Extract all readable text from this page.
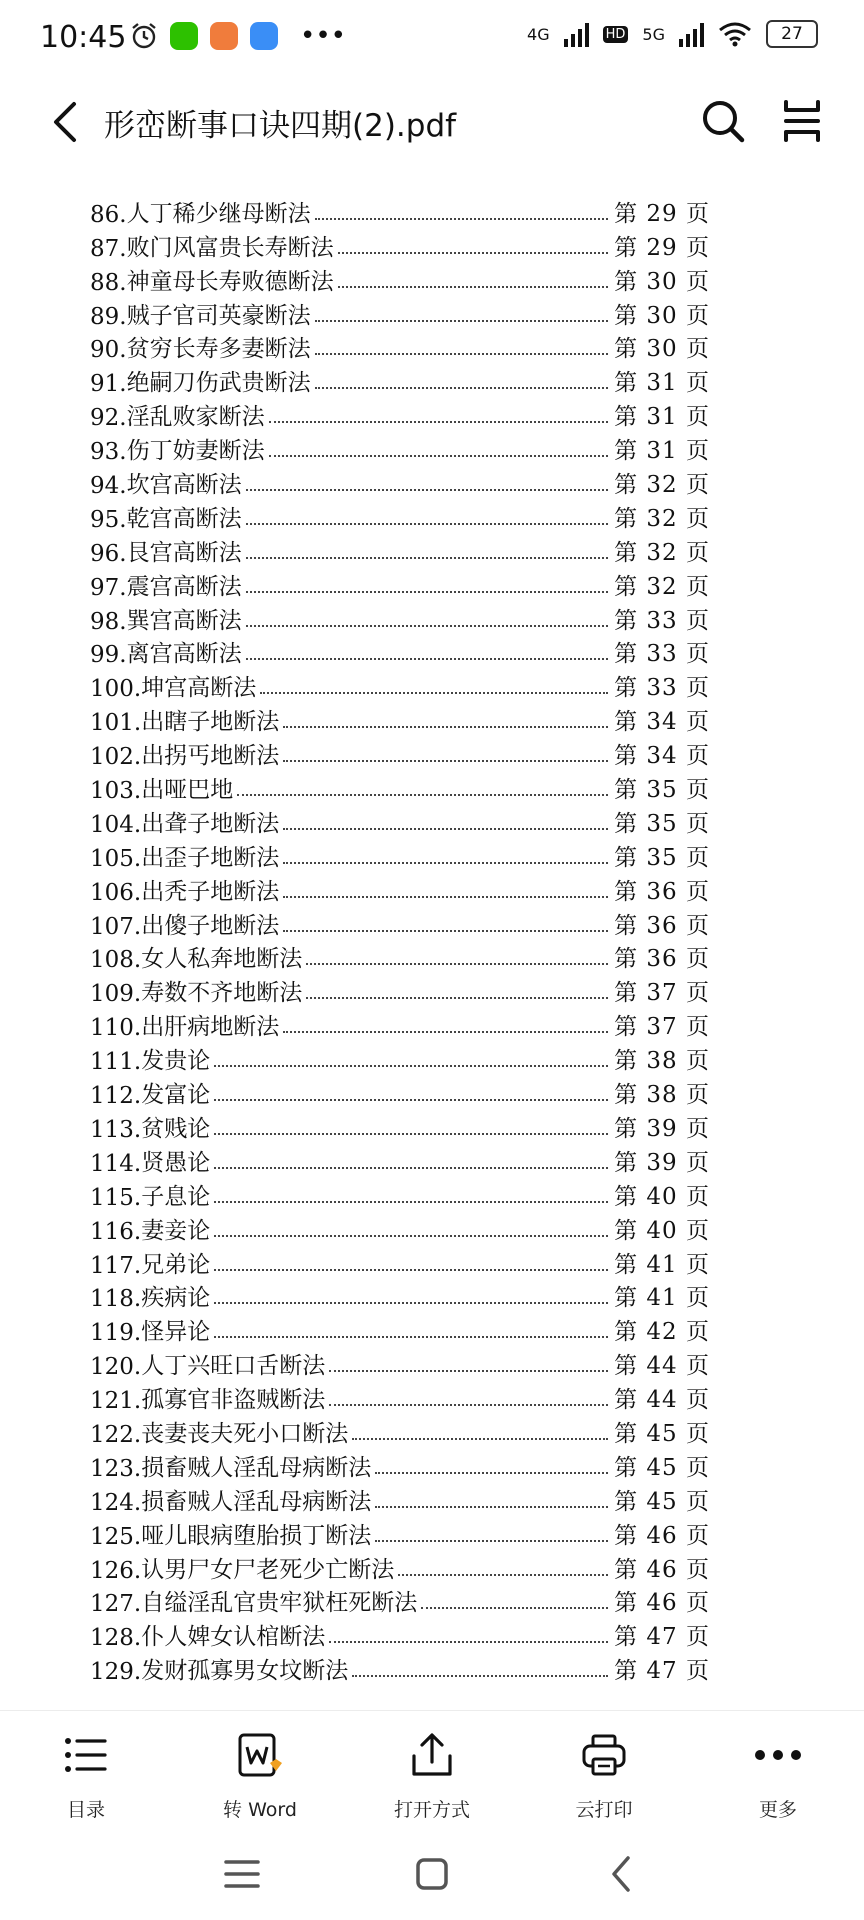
10:45	•••	4G	HD 5G	27
形峦断事口诀四期(2).pdf
86. 人丁稀少继母断法	第 29 页
87. 败门风富贵长寿断法	第 29 页
88. 神童母长寿败德断法	第 30 页
89. 贼子官司英豪断法	第 30 页
90. 贫穷长寿多妻断法	第 30 页
91. 绝嗣刀伤武贵断法	第 31 页
92. 淫乱败家断法	第 31 页
93. 伤丁妨妻断法	第 31 页
94. 坎宫高断法	第 32 页
95. 乾宫高断法	第 32 页
96. 艮宫高断法	第 32 页
97. 震宫高断法	第 32 页
98. 巽宫高断法	第 33 页
99. 离宫高断法	第 33 页
100. 坤宫高断法	第 33 页
101. 出瞎子地断法	第 34 页
102. 出拐丐地断法	第 34 页
103. 出哑巴地	第 35 页
104. 出聋子地断法	第 35 页
105. 出歪子地断法	第 35 页
106. 出秃子地断法	第 36 页
107. 出傻子地断法	第 36 页
108. 女人私奔地断法	第 36 页
109. 寿数不齐地断法	第 37 页
110. 出肝病地断法	第 37 页
111. 发贵论	第 38 页
112. 发富论	第 38 页
113. 贫贱论	第 39 页
114. 贤愚论	第 39 页
115. 子息论	第 40 页
116. 妻妾论	第 40 页
117. 兄弟论	第 41 页
118. 疾病论	第 41 页
119. 怪异论	第 42 页
120. 人丁兴旺口舌断法	第 44 页
121. 孤寡官非盗贼断法	第 44 页
122. 丧妻丧夫死小口断法	第 45 页
123. 损畜贼人淫乱母病断法	第 45 页
124. 损畜贼人淫乱母病断法	第 45 页
125. 哑儿眼病堕胎损丁断法	第 46 页
126. 认男尸女尸老死少亡断法	第 46 页
127. 自缢淫乱官贵牢狱枉死断法	第 46 页
128. 仆人婢女认棺断法	第 47 页
129. 发财孤寡男女坟断法	第 47 页
目录	转 Word	打开方式	云打印	更多
